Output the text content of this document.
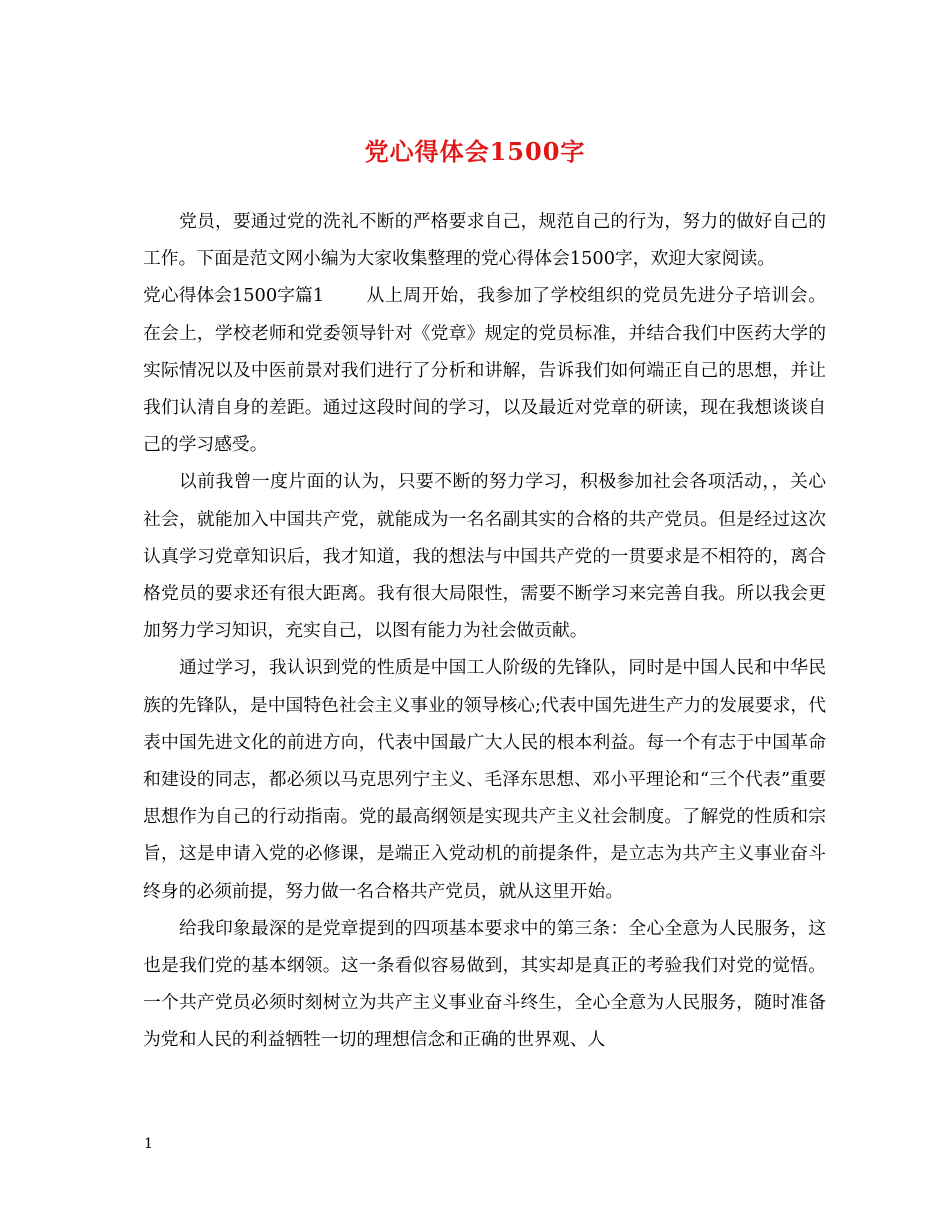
党心得体会1500字

党员，要通过党的洗礼不断的严格要求自己，规范自己的行为，努力的做好自己的工作。下面是范文网小编为大家收集整理的党心得体会1500字，欢迎大家阅读。

党心得体会1500字篇1 从上周开始，我参加了学校组织的党员先进分子培训会。在会上，学校老师和党委领导针对《党章》规定的党员标准，并结合我们中医药大学的实际情况以及中医前景对我们进行了分析和讲解，告诉我们如何端正自己的思想，并让我们认清自身的差距。通过这段时间的学习，以及最近对党章的研读，现在我想谈谈自己的学习感受。

以前我曾一度片面的认为，只要不断的努力学习，积极参加社会各项活动，，关心社会，就能加入中国共产党，就能成为一名名副其实的合格的共产党员。但是经过这次认真学习党章知识后，我才知道，我的想法与中国共产党的一贯要求是不相符的，离合格党员的要求还有很大距离。我有很大局限性，需要不断学习来完善自我。所以我会更加努力学习知识，充实自己，以图有能力为社会做贡献。

通过学习，我认识到党的性质是中国工人阶级的先锋队，同时是中国人民和中华民族的先锋队，是中国特色社会主义事业的领导核心;代表中国先进生产力的发展要求，代表中国先进文化的前进方向，代表中国最广大人民的根本利益。每一个有志于中国革命和建设的同志，都必须以马克思列宁主义、毛泽东思想、邓小平理论和“三个代表”重要思想作为自己的行动指南。党的最高纲领是实现共产主义社会制度。了解党的性质和宗旨，这是申请入党的必修课，是端正入党动机的前提条件，是立志为共产主义事业奋斗终身的必须前提，努力做一名合格共产党员，就从这里开始。

给我印象最深的是党章提到的四项基本要求中的第三条：全心全意为人民服务，这也是我们党的基本纲领。这一条看似容易做到，其实却是真正的考验我们对党的觉悟。一个共产党员必须时刻树立为共产主义事业奋斗终生，全心全意为人民服务，随时准备为党和人民的利益牺牲一切的理想信念和正确的世界观、人

1
